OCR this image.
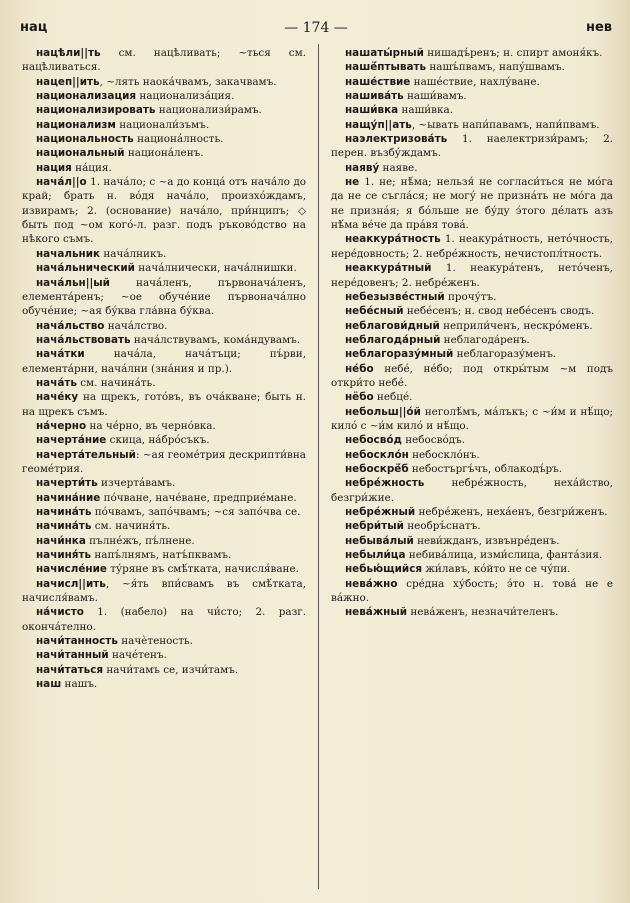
нац	— 174 —	нев
нацѣли||ть см. нацѣливать; ~ться см. нацѣливаться.
нацеп||ить, ~лять наока́чвамъ, закачвамъ.
национализация национализа́ция.
национализировать национализи́рамъ.
национализм национали́зъмъ.
национальность национа́лность.
национальный национа́ленъ.
нация на́ция.
нача́л||о 1. нача́ло; с ~а до конца́ отъ нача́ло до край; брать н. во́дя нача́ло, произхо́ждамъ, извирамъ; 2. (основание) нача́ло, при́нципъ; ◇ быть под ~ом кого́-л. разг. подъ ръково́дство на нѣкого съмъ.
начальник нача́лникъ.
нача́льнический нача́лнически, нача́лнишки.
нача́льн||ый нача́ленъ, първонача́ленъ, елемента́ренъ; ~ое обуче́ние първонача́лно обуче́ние; ~ая бу́ква гла́вна бу́ква.
нача́льство нача́лство.
нача́льствовать нача́лствувамъ, кома́ндувамъ.
нача́тки нача́ла, нача́тъци; пъ́рви, елемента́рни, нача́лни (зна́ния и пр.).
нача́ть см. начина́ть.
наче́ку на щрекъ, гото́въ, въ оча́кване; быть н. на щрекъ съмъ.
на́черно на че́рно, въ черно́вка.
начерта́ние скица, на́бро́съкъ.
начерта́тельный: ~ая геоме́трия дескрипти́вна геоме́трия.
начерти́ть изчерта́вамъ.
начина́ние по́чване, наче́ване, предприе́мане.
начина́ть по́чвамъ, запо́чвамъ; ~ся запо́чва се.
начина́ть см. начиня́ть.
начи́нка пълне́жъ, пъ́лнене.
начиня́ть напъ́лнямъ, натъ́пквамъ.
начисле́ние ту́ряне въ смѣ́тката, начисля́ване.
начисл||ить, ~я́ть впи́свамъ въ смѣ́тката, начисля́вамъ.
на́чисто 1. (набело) на чи́сто; 2. разг. оконча́телно.
начи́танность начѐтеность.
начи́танный наче́тенъ.
начи́таться начи́тамъ се, изчи́тамъ.
наш нашъ.
нашаты́рный нишадъ́ренъ; н. спирт амоня́къ.
нашё́птывать нашъ́пвамъ, напу́швамъ.
наше́ствие наше́ствие, нахлу́ване.
нашива́ть наши́вамъ.
наши́вка наши́вка.
нащу́п||ать, ~ывать напи́павамъ, напи́пвамъ.
наэлектризова́ть 1. наелектризи́рамъ; 2. перен. възбу́ждамъ.
наяву́ наяве.
не 1. не; нѣ́ма; нельзя́ не согласи́ться не мо́га да не се съгла́ся; не могу́ не призна́ть не мо́га да не призна́я; я бо́льше не бу́ду э́того де́лать азъ нѣ́ма ве́че да пра́вя това́.
неаккура́тность 1. неакура́тность, нето́чность, нере́довность; 2. небре́жность, нечистопл́тность.
неаккура́тный 1. неакура́тенъ, нето́ченъ, нере́довенъ; 2. небре́женъ.
небезызве́стный прочу́тъ.
небе́сный небе́сенъ; н. свод небе́сенъ сводъ.
неблагови́дный неприли́ченъ, нескро́менъ.
неблагода́рный неблагода́ренъ.
неблагоразу́мный неблагоразу́менъ.
не́бо небе́, не́бо; под откры́тым ~м подъ откри́то небе́.
нёбо небце́.
небольш||о́й неголѣ́мъ, ма́лъкъ; с ~и́м и нѣ́що; кило́ с ~и́м кило́ и нѣ́що.
небосво́д небосво́дъ.
небоскло́н небоскло́нъ.
небоскрё́б небостъргъ́чъ, облакодъ́ръ.
небре́жность небре́жность, неха́йство, безгри́жие.
небре́жный небре́женъ, неха́енъ, безгри́женъ.
небри́тый необръ́снатъ.
небыва́лый неви́жданъ, извънре́денъ.
небыли́ца небива́лица, изми́слица, фанта́зия.
небью́щийся жи́лавъ, ко́йто не се чу́пи.
нева́жно сре́дна ху́бость; э́то н. това́ не е ва́жно.
нева́жный нева́женъ, незначи́теленъ.
